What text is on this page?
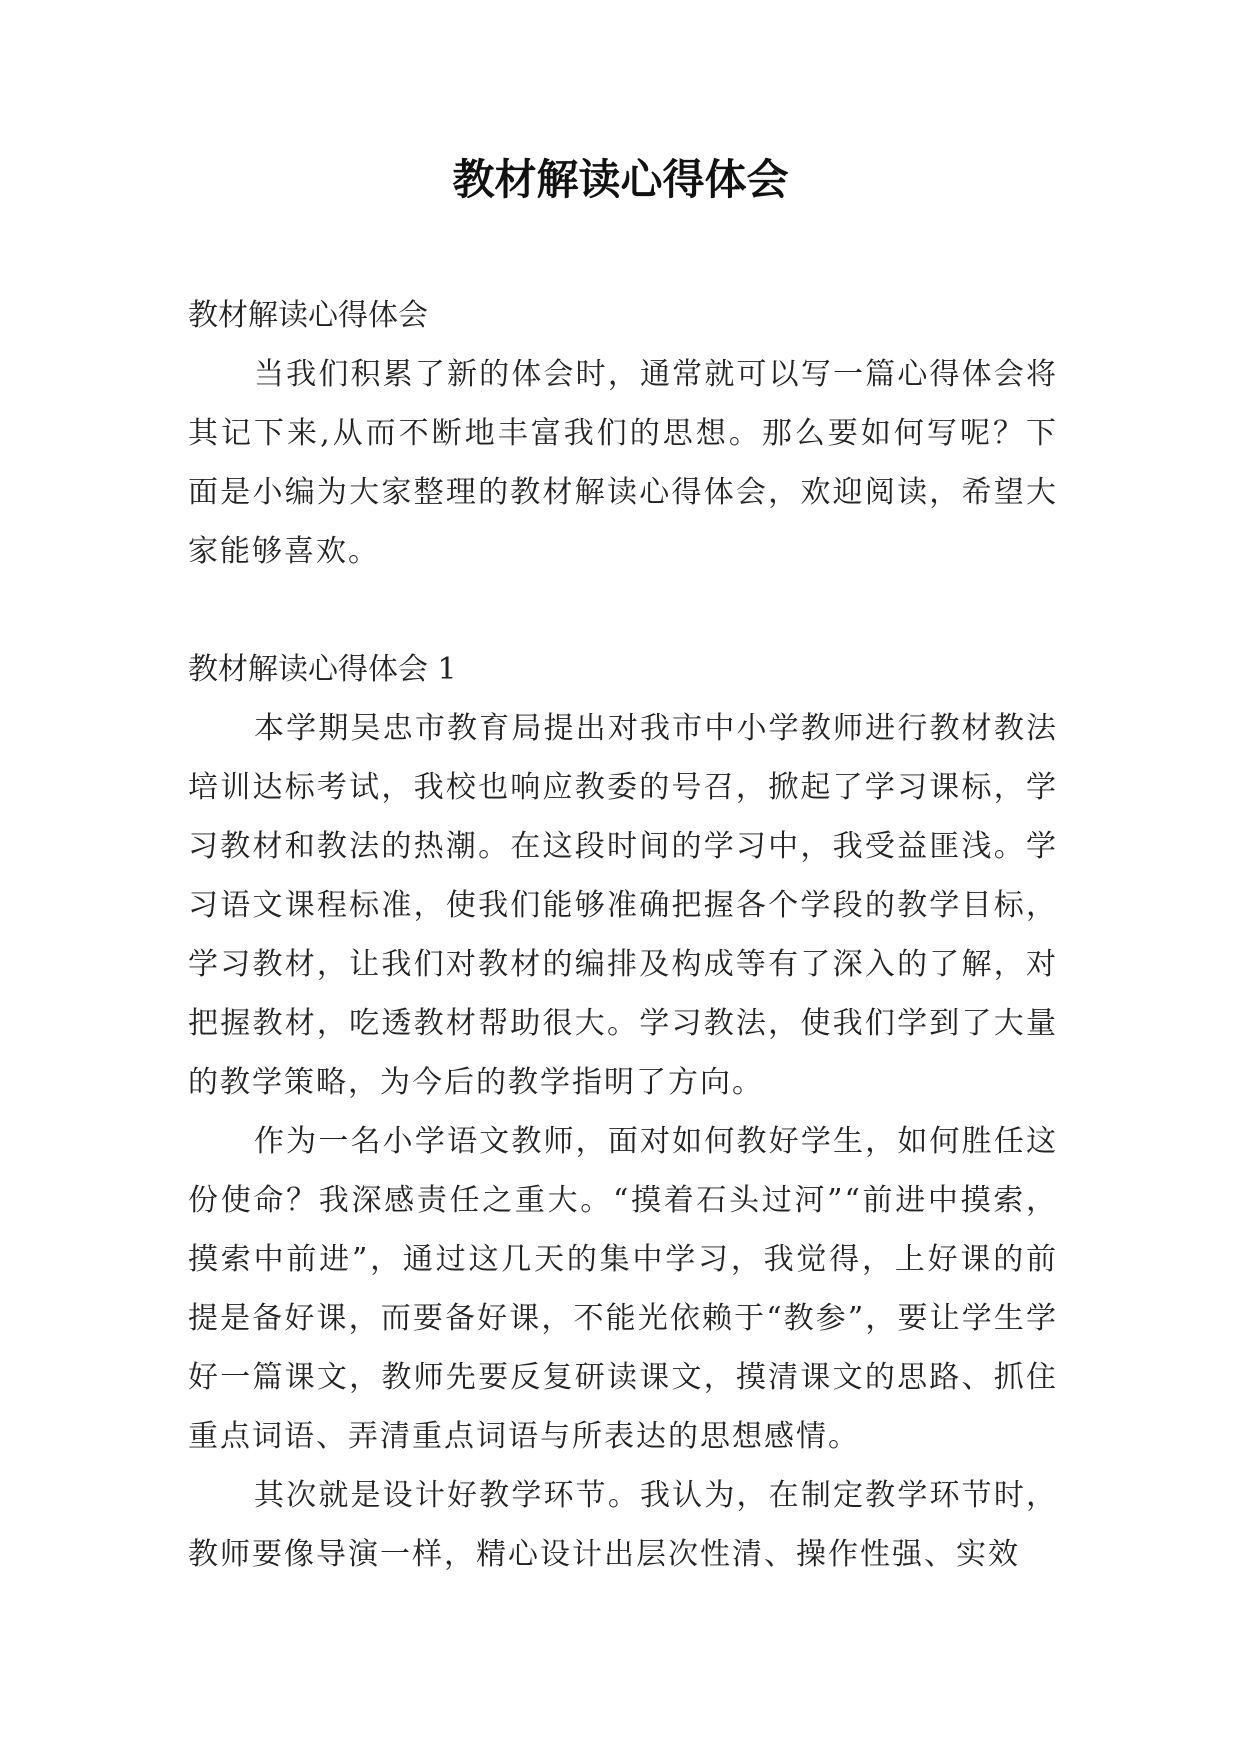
教材解读心得体会

教材解读心得体会

当我们积累了新的体会时，通常就可以写一篇心得体会将其记下来,从而不断地丰富我们的思想。那么要如何写呢？下面是小编为大家整理的教材解读心得体会，欢迎阅读，希望大家能够喜欢。

教材解读心得体会 1

本学期吴忠市教育局提出对我市中小学教师进行教材教法培训达标考试，我校也响应教委的号召，掀起了学习课标，学习教材和教法的热潮。在这段时间的学习中，我受益匪浅。学习语文课程标准，使我们能够准确把握各个学段的教学目标，学习教材，让我们对教材的编排及构成等有了深入的了解，对把握教材，吃透教材帮助很大。学习教法，使我们学到了大量的教学策略，为今后的教学指明了方向。

作为一名小学语文教师，面对如何教好学生，如何胜任这份使命？我深感责任之重大。“摸着石头过河”“前进中摸索，摸索中前进”，通过这几天的集中学习，我觉得，上好课的前提是备好课，而要备好课，不能光依赖于“教参”，要让学生学好一篇课文，教师先要反复研读课文，摸清课文的思路、抓住重点词语、弄清重点词语与所表达的思想感情。

其次就是设计好教学环节。我认为，在制定教学环节时，教师要像导演一样，精心设计出层次性清、操作性强、实效
